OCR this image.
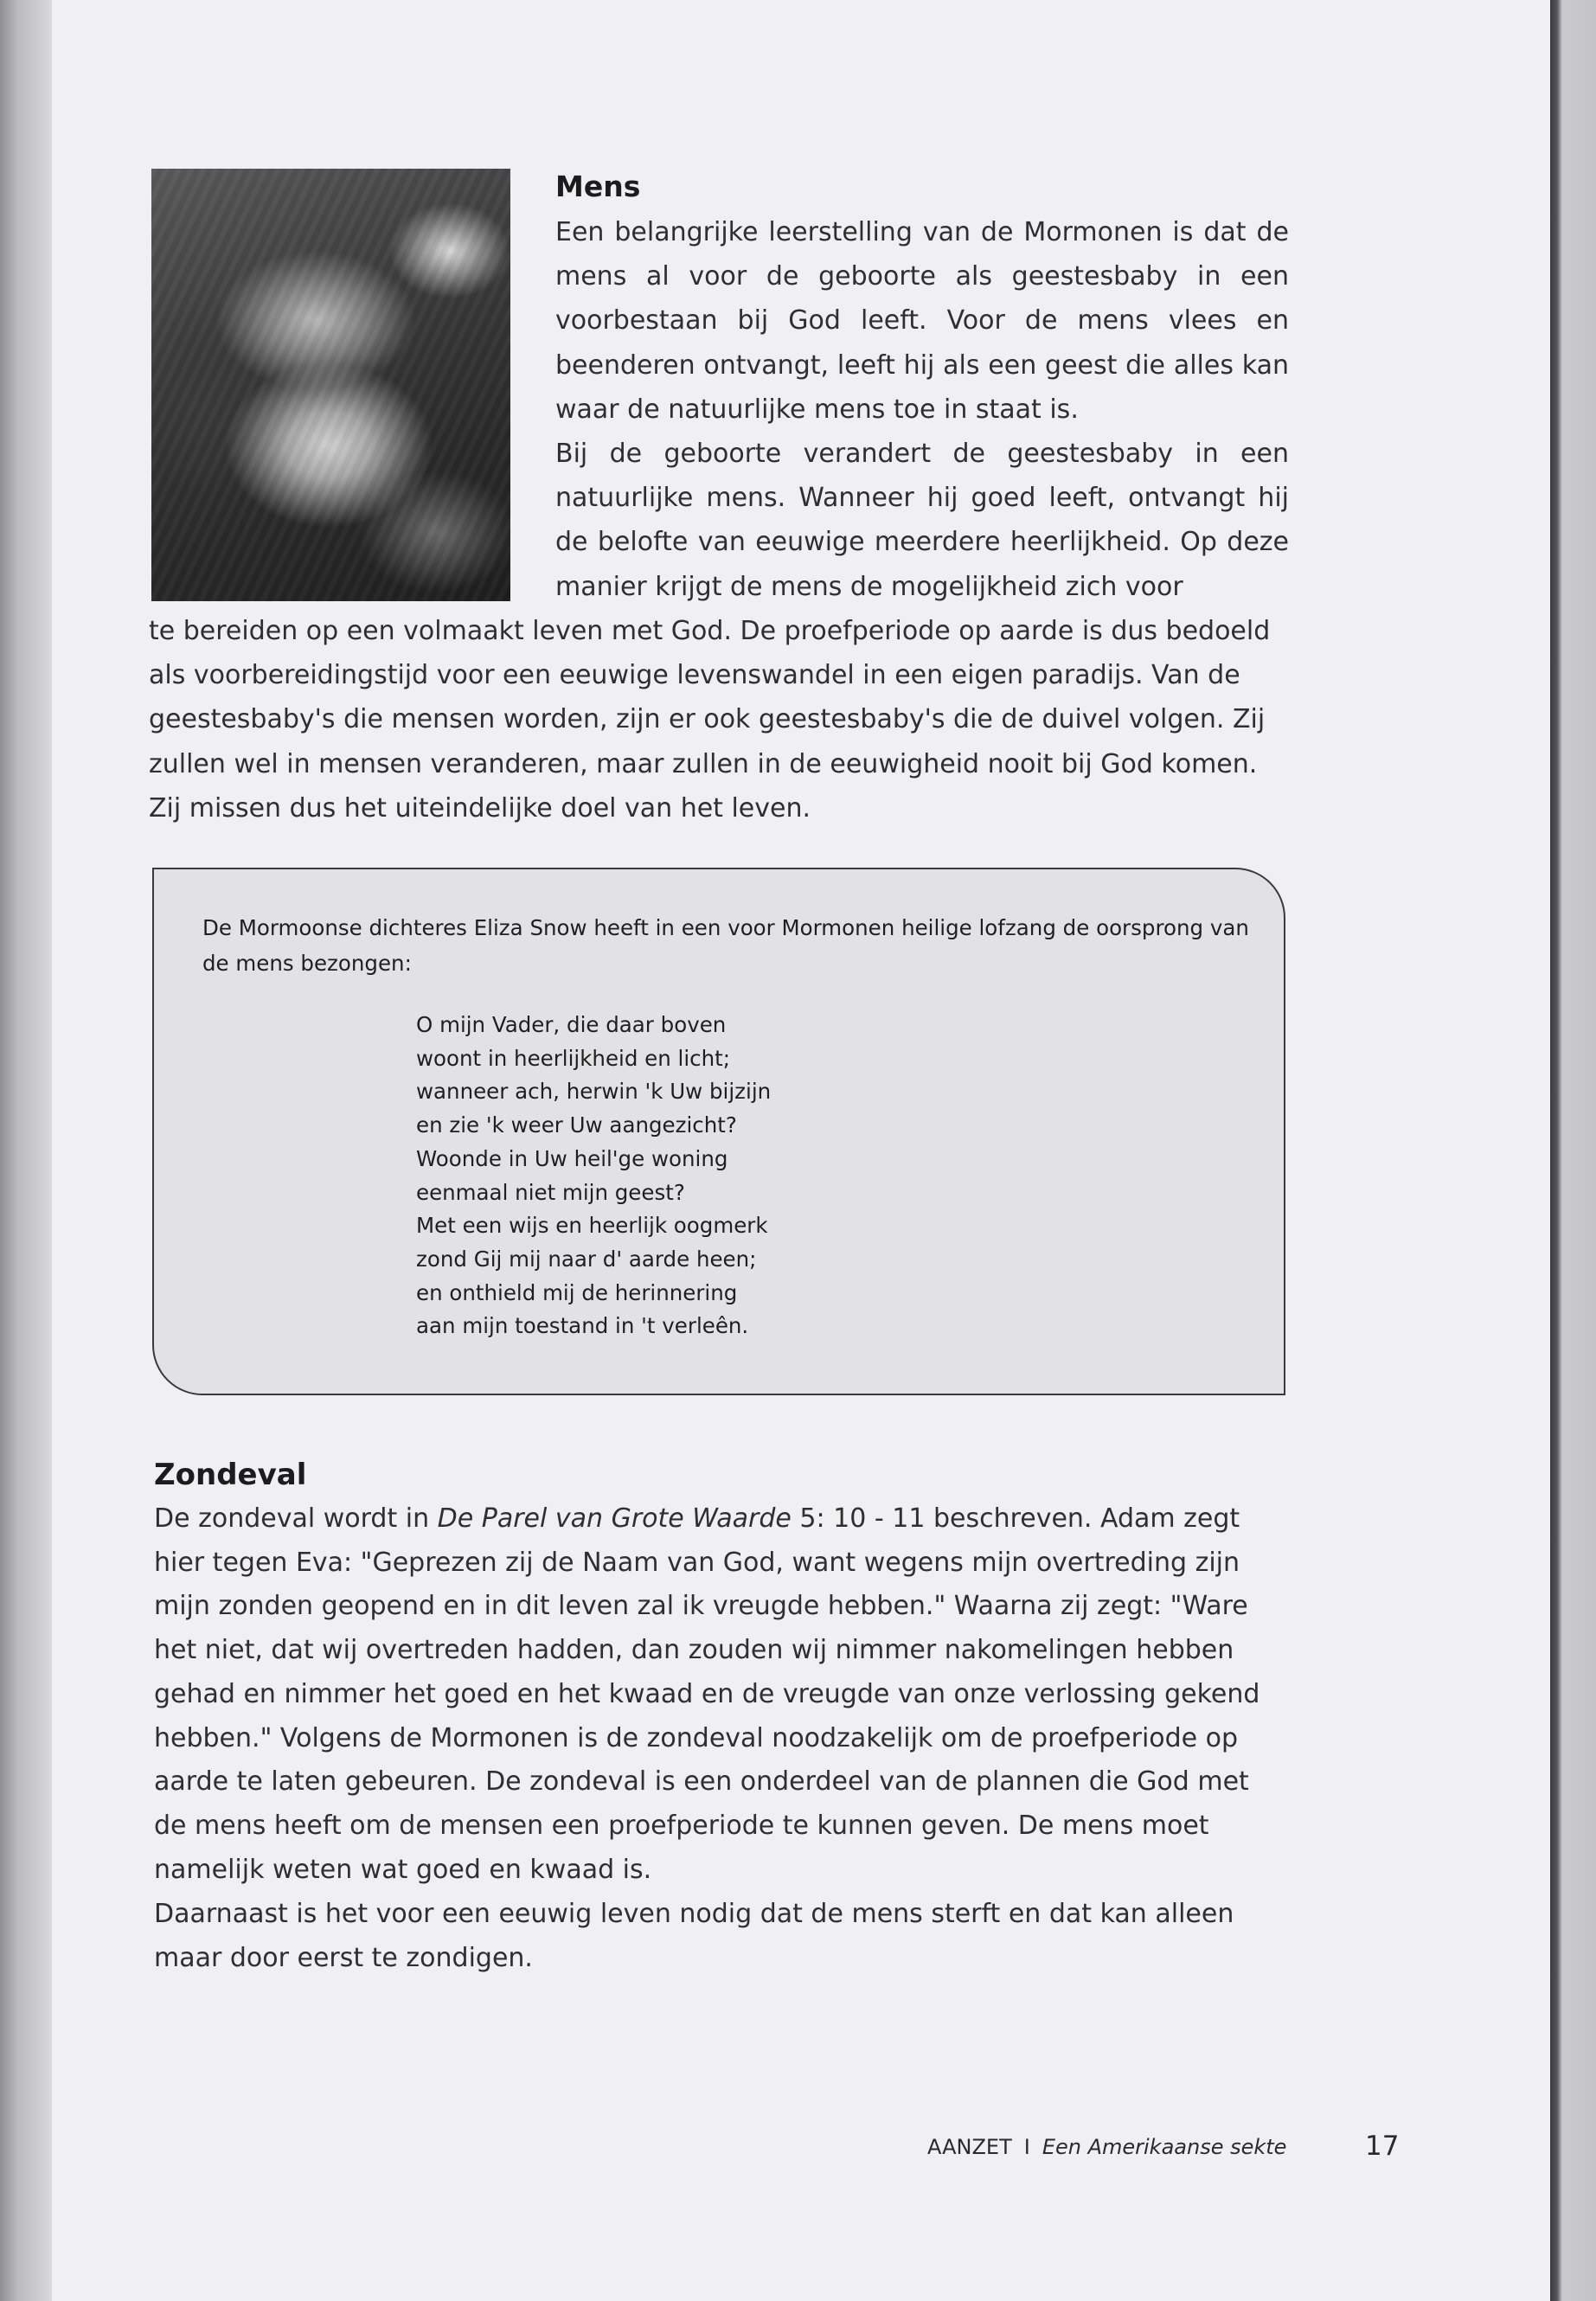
Mens

Een belangrijke leerstelling van de Mormonen is dat de mens al voor de geboorte als geestesbaby in een voorbestaan bij God leeft. Voor de mens vlees en beenderen ontvangt, leeft hij als een geest die alles kan waar de natuurlijke mens toe in staat is.

Bij de geboorte verandert de geestesbaby in een natuurlijke mens. Wanneer hij goed leeft, ontvangt hij de belofte van eeuwige meerdere heerlijkheid. Op deze manier krijgt de mens de mogelijkheid zich voor

te bereiden op een volmaakt leven met God. De proefperiode op aarde is dus bedoeld als voorbereidingstijd voor een eeuwige levenswandel in een eigen paradijs. Van de geestesbaby's die mensen worden, zijn er ook geestesbaby's die de duivel volgen. Zij zullen wel in mensen veranderen, maar zullen in de eeuwigheid nooit bij God komen. Zij missen dus het uiteindelijke doel van het leven.

De Mormoonse dichteres Eliza Snow heeft in een voor Mormonen heilige lofzang de oorsprong van de mens bezongen:

O mijn Vader, die daar boven
woont in heerlijkheid en licht;
wanneer ach, herwin 'k Uw bijzijn
en zie 'k weer Uw aangezicht?
Woonde in Uw heil'ge woning
eenmaal niet mijn geest?
Met een wijs en heerlijk oogmerk
zond Gij mij naar d' aarde heen;
en onthield mij de herinnering
aan mijn toestand in 't verleên.
Zondeval

De zondeval wordt in De Parel van Grote Waarde 5: 10 - 11 beschreven. Adam zegt hier tegen Eva: "Geprezen zij de Naam van God, want wegens mijn overtreding zijn mijn zonden geopend en in dit leven zal ik vreugde hebben." Waarna zij zegt: "Ware het niet, dat wij overtreden hadden, dan zouden wij nimmer nakomelingen hebben gehad en nimmer het goed en het kwaad en de vreugde van onze verlossing gekend hebben." Volgens de Mormonen is de zondeval noodzakelijk om de proefperiode op aarde te laten gebeuren. De zondeval is een onderdeel van de plannen die God met de mens heeft om de mensen een proefperiode te kunnen geven. De mens moet namelijk weten wat goed en kwaad is.

Daarnaast is het voor een eeuwig leven nodig dat de mens sterft en dat kan alleen maar door eerst te zondigen.

AANZET I Een Amerikaanse sekte	17
